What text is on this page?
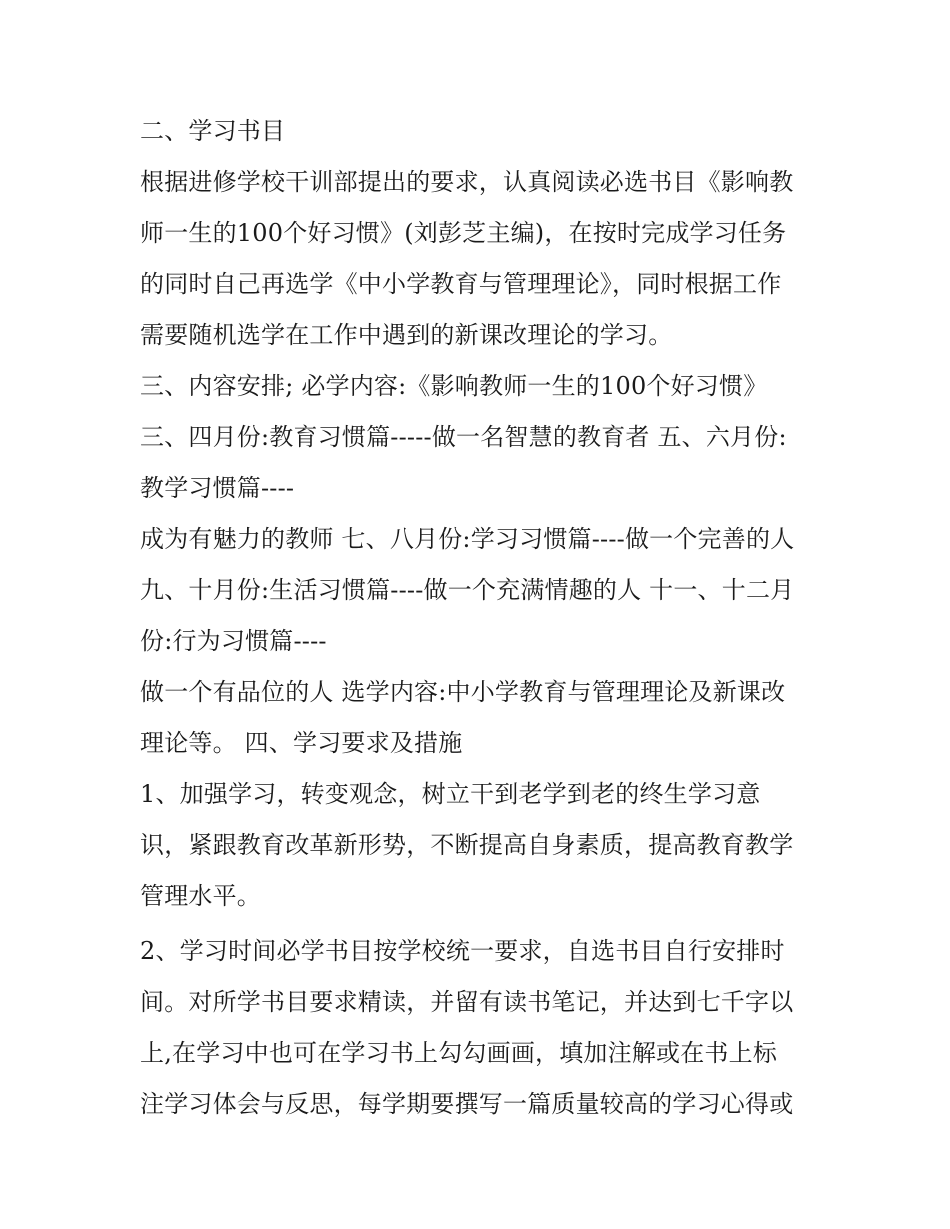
二、学习书目
根据进修学校干训部提出的要求，认真阅读必选书目《影响教
师一生的100个好习惯》(刘彭芝主编)，在按时完成学习任务
的同时自己再选学《中小学教育与管理理论》，同时根据工作
需要随机选学在工作中遇到的新课改理论的学习。
三、内容安排; 必学内容:《影响教师一生的100个好习惯》
三、四月份:教育习惯篇-----做一名智慧的教育者 五、六月份:
教学习惯篇----
成为有魅力的教师 七、八月份:学习习惯篇----做一个完善的人
九、十月份:生活习惯篇----做一个充满情趣的人 十一、十二月
份:行为习惯篇----
做一个有品位的人 选学内容:中小学教育与管理理论及新课改
理论等。 四、学习要求及措施
1、加强学习，转变观念，树立干到老学到老的终生学习意
识，紧跟教育改革新形势，不断提高自身素质，提高教育教学
管理水平。
2、学习时间必学书目按学校统一要求，自选书目自行安排时
间。对所学书目要求精读，并留有读书笔记，并达到七千字以
上,在学习中也可在学习书上勾勾画画，填加注解或在书上标
注学习体会与反思，每学期要撰写一篇质量较高的学习心得或
